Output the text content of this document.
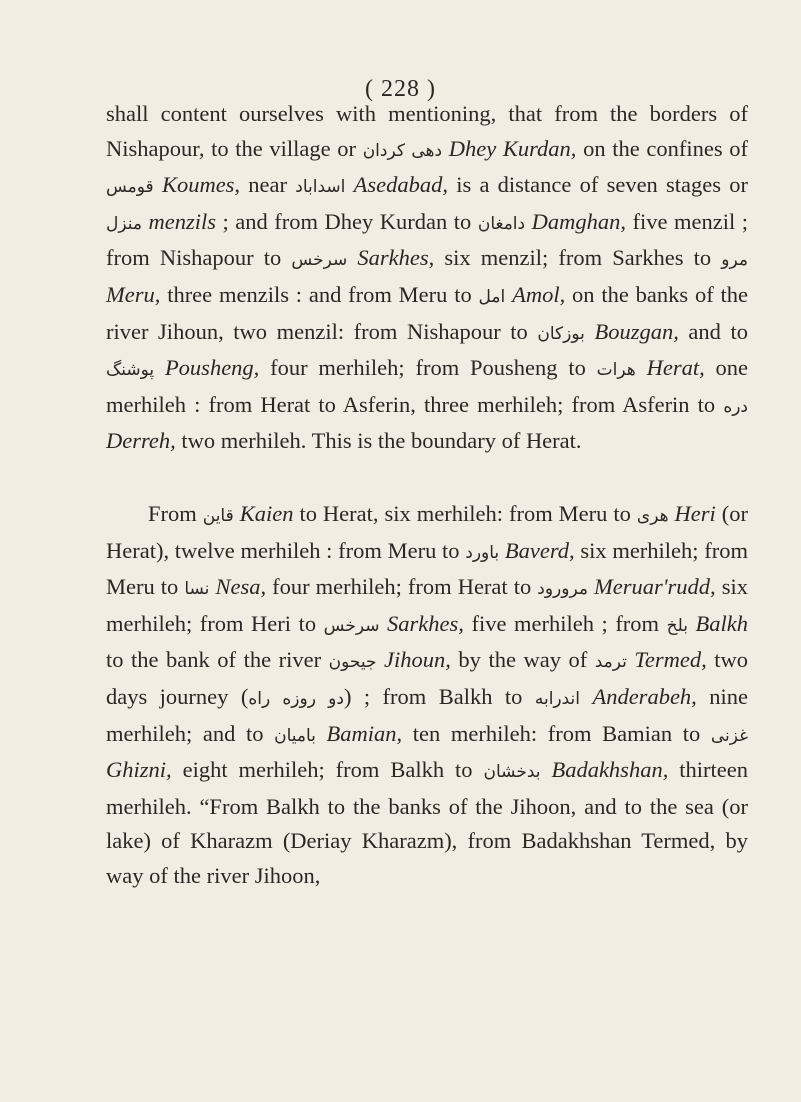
( 228 )

shall content ourselves with mentioning, that from the borders of Nishapour, to the village or دهی کردان Dhey Kurdan, on the confines of قومس Koumes, near اسداباد Asedabad, is a distance of seven stages or منزل menzils ; and from Dhey Kurdan to دامغان Damghan, five menzil ; from Nishapour to سرخس Sarkhes, six menzil; from Sarkhes to مرو Meru, three menzils : and from Meru to امل Amol, on the banks of the river Jihoun, two menzil: from Nishapour to بوزکان Bouzgan, and to پوشنگ Pousheng, four merhileh; from Pousheng to هرات Herat, one merhileh : from Herat to Asferin, three merhileh; from Asferin to دره Derreh, two merhileh. This is the boundary of Herat.

From قاین Kaien to Herat, six merhileh: from Meru to هری Heri (or Herat), twelve merhileh : from Meru to باورد Baverd, six merhileh; from Meru to نسا Nesa, four merhileh; from Herat to مرورود Meruar'rudd, six merhileh; from Heri to سرخس Sarkhes, five merhileh ; from بلخ Balkh to the bank of the river جیحون Jihoun, by the way of ترمد Termed, two days journey (دو روزه راه) ; from Balkh to اندرابه Anderabeh, nine merhileh; and to باميان Bamian, ten merhileh: from Bamian to غزنی Ghizni, eight merhileh; from Balkh to بدخشان Badakhshan, thirteen merhileh. “From Balkh to the banks of the Jihoon, and to the sea (or lake) of Kharazm (Deriay Kharazm), from Badakhshan Termed, by way of the river Jihoon,
